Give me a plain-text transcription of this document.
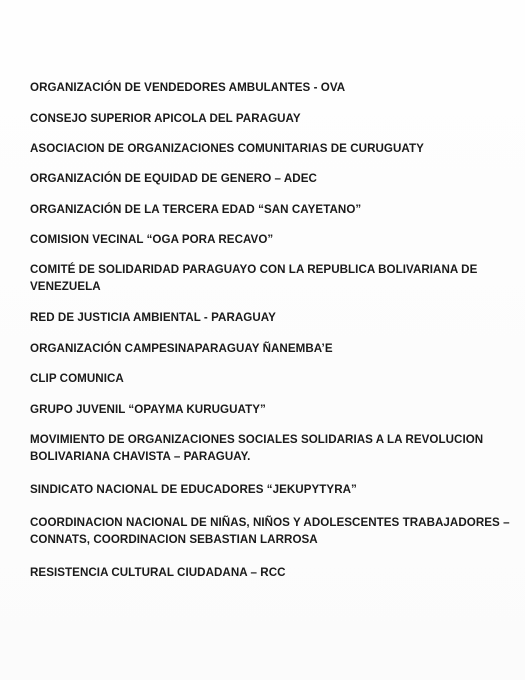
ORGANIZACIÓN DE VENDEDORES AMBULANTES - OVA
CONSEJO SUPERIOR APICOLA DEL PARAGUAY
ASOCIACION DE ORGANIZACIONES COMUNITARIAS DE CURUGUATY
ORGANIZACIÓN DE EQUIDAD DE GENERO – ADEC
ORGANIZACIÓN DE LA TERCERA EDAD “SAN CAYETANO”
COMISION VECINAL “OGA PORA RECAVO”
COMITÉ DE SOLIDARIDAD PARAGUAYO CON LA REPUBLICA BOLIVARIANA DE
VENEZUELA
RED DE JUSTICIA AMBIENTAL - PARAGUAY
ORGANIZACIÓN CAMPESINAPARAGUAY ÑANEMBA’E
CLIP COMUNICA
GRUPO JUVENIL “OPAYMA KURUGUATY”
MOVIMIENTO DE ORGANIZACIONES SOCIALES SOLIDARIAS A LA REVOLUCION
BOLIVARIANA CHAVISTA – PARAGUAY.
SINDICATO NACIONAL DE EDUCADORES “JEKUPYTYRA”
COORDINACION NACIONAL DE NIÑAS, NIÑOS Y ADOLESCENTES TRABAJADORES –
CONNATS, COORDINACION SEBASTIAN LARROSA
RESISTENCIA CULTURAL CIUDADANA – RCC
